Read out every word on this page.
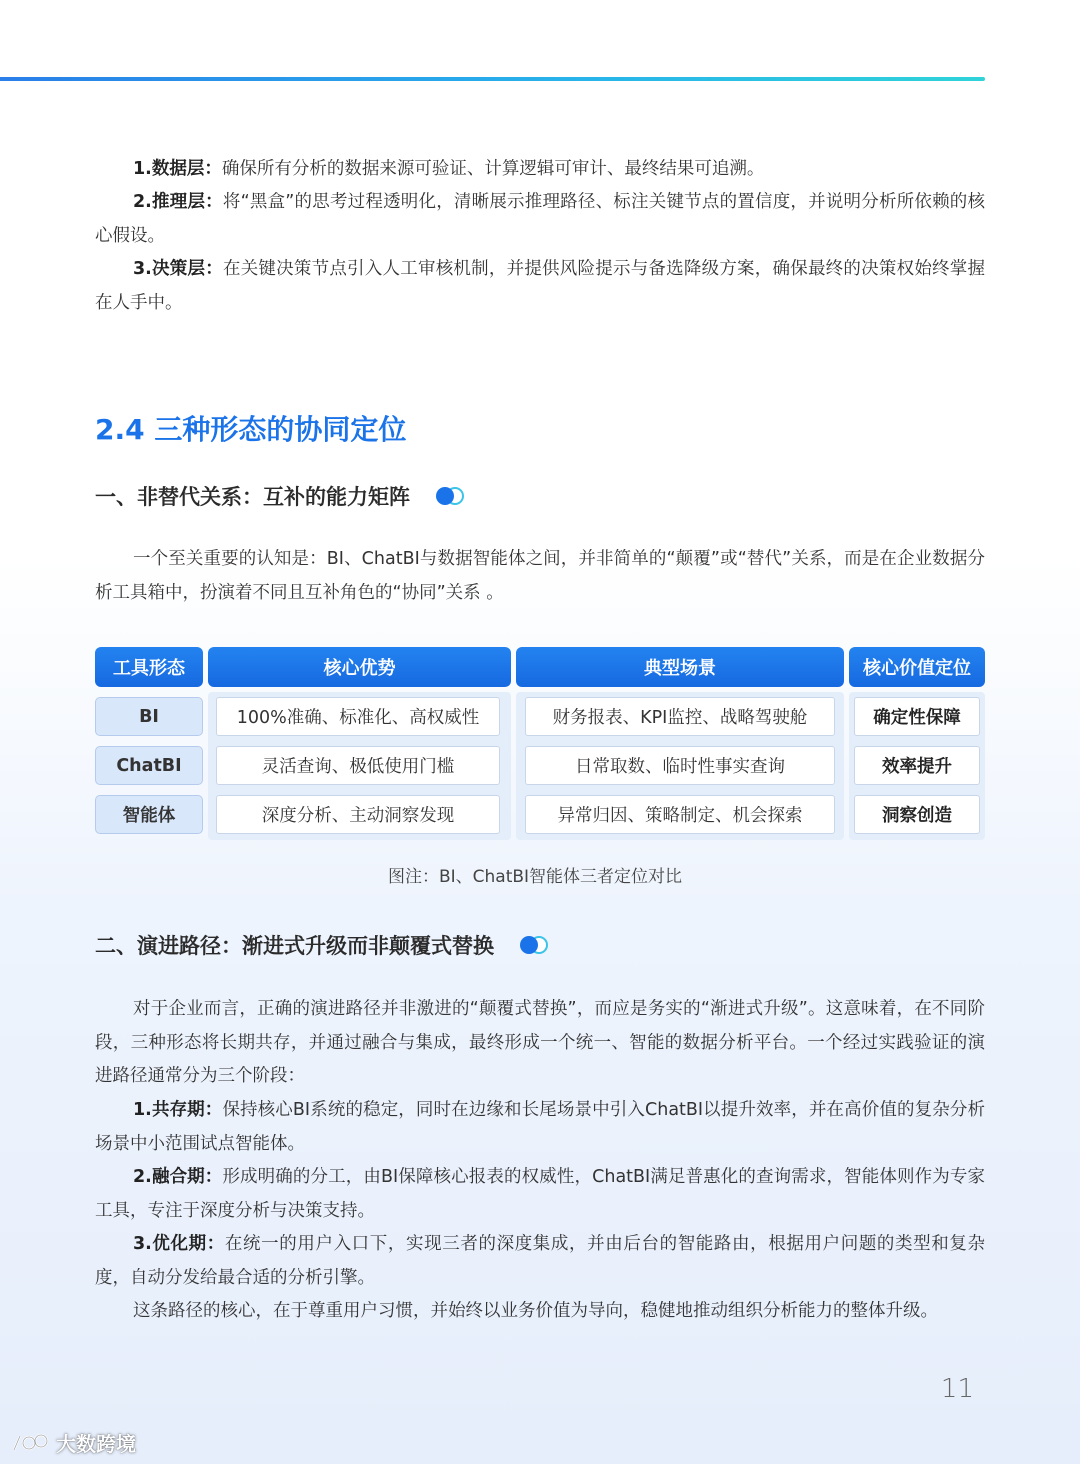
1.数据层：确保所有分析的数据来源可验证、计算逻辑可审计、最终结果可追溯。
2.推理层：将“黑盒”的思考过程透明化，清晰展示推理路径、标注关键节点的置信度，并说明分析所依赖的核心假设。
3.决策层：在关键决策节点引入人工审核机制，并提供风险提示与备选降级方案，确保最终的决策权始终掌握在人手中。
2.4 三种形态的协同定位
一、非替代关系：互补的能力矩阵
一个至关重要的认知是：BI、ChatBI与数据智能体之间，并非简单的“颠覆”或“替代”关系，而是在企业数据分析工具箱中，扮演着不同且互补角色的“协同”关系 。
工具形态	核心优势	典型场景	核心价值定位
BI	100%准确、标准化、高权威性	财务报表、KPI监控、战略驾驶舱	确定性保障
ChatBI	灵活查询、极低使用门槛	日常取数、临时性事实查询	效率提升
智能体	深度分析、主动洞察发现	异常归因、策略制定、机会探索	洞察创造
图注：BI、ChatBI智能体三者定位对比
二、演进路径：渐进式升级而非颠覆式替换
对于企业而言，正确的演进路径并非激进的“颠覆式替换”，而应是务实的“渐进式升级”。这意味着，在不同阶段，三种形态将长期共存，并通过融合与集成，最终形成一个统一、智能的数据分析平台。一个经过实践验证的演进路径通常分为三个阶段：
1.共存期：保持核心BI系统的稳定，同时在边缘和长尾场景中引入ChatBI以提升效率，并在高价值的复杂分析场景中小范围试点智能体。
2.融合期：形成明确的分工，由BI保障核心报表的权威性，ChatBI满足普惠化的查询需求，智能体则作为专家工具，专注于深度分析与决策支持。
3.优化期：在统一的用户入口下，实现三者的深度集成，并由后台的智能路由，根据用户问题的类型和复杂度，自动分发给最合适的分析引擎。
这条路径的核心，在于尊重用户习惯，并始终以业务价值为导向，稳健地推动组织分析能力的整体升级。
11
大数跨境
